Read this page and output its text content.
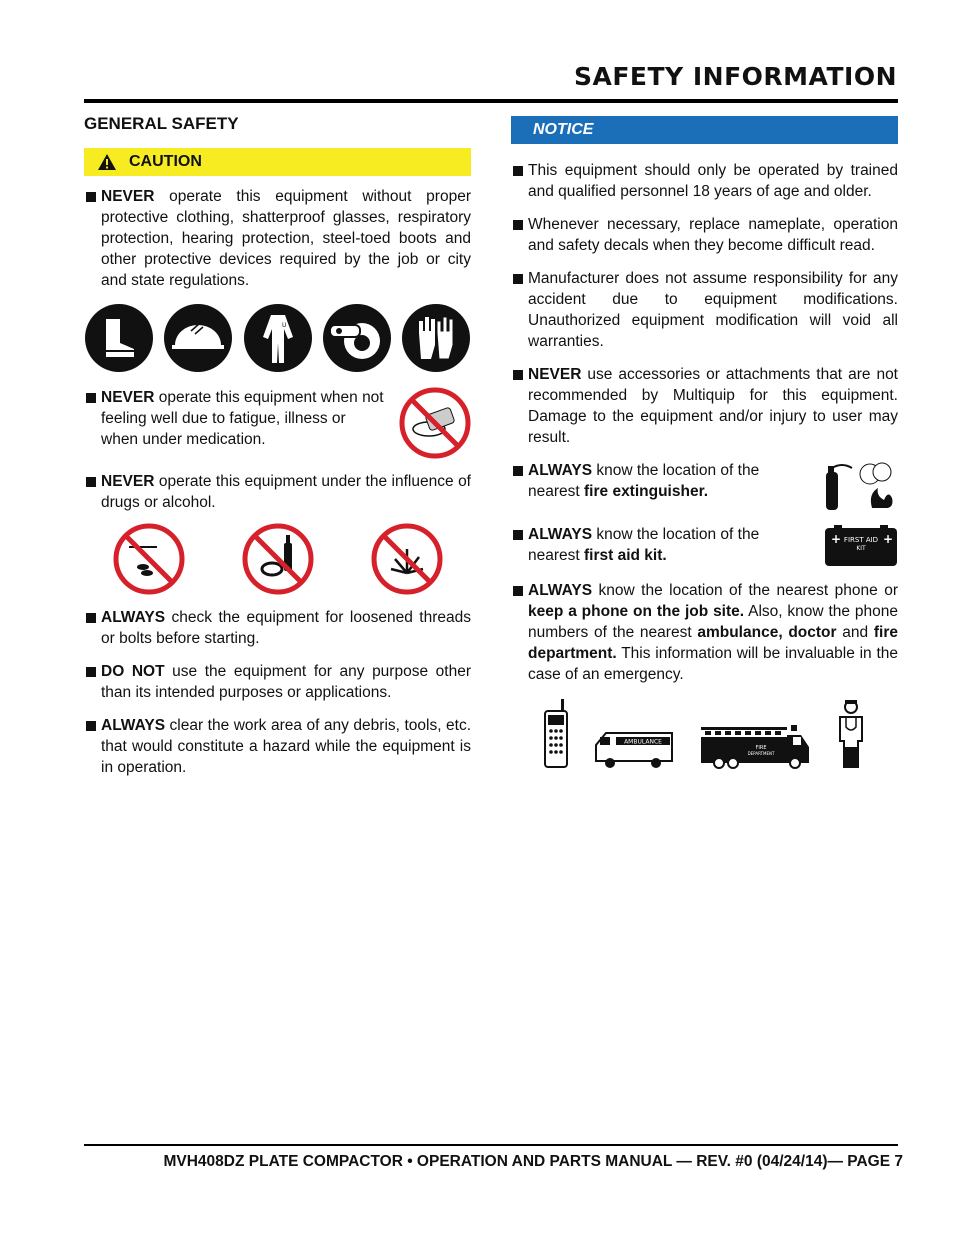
SAFETY INFORMATION
GENERAL SAFETY
CAUTION
NEVER operate this equipment without proper protective clothing, shatterproof glasses, respiratory protection, hearing protection, steel-toed boots and other protective devices required by the job or city and state regulations.
U
NEVER operate this equipment when not feeling well due to fatigue, illness or when under medication.
NEVER operate this equipment under the influence of drugs or alcohol.
ALWAYS check the equipment for loosened threads or bolts before starting.
DO NOT use the equipment for any purpose other than its intended purposes or applications.
ALWAYS clear the work area of any debris, tools, etc. that would constitute a hazard while the equipment is in operation.
NOTICE
This equipment should only be operated by trained and qualified personnel 18 years of age and older.
Whenever necessary, replace nameplate, operation and safety decals when they become difficult read.
Manufacturer does not assume responsibility for any accident due to equipment modifications. Unauthorized equipment modification will void all warranties.
NEVER use accessories or attachments that are not recommended by Multiquip for this equipment. Damage to the equipment and/or injury to user may result.
ALWAYS know the location of the nearest fire extinguisher.
ALWAYS know the location of the nearest first aid kit.
+	+
FIRST AID
KIT
ALWAYS know the location of the nearest phone or keep a phone on the job site. Also, know the phone numbers of the nearest ambulance, doctor and fire department. This information will be invaluable in the case of an emergency.
AMBULANCE
FIRE
DEPARTMENT
MVH408DZ PLATE COMPACTOR • OPERATION AND PARTS MANUAL — REV. #0 (04/24/14)— PAGE 7
